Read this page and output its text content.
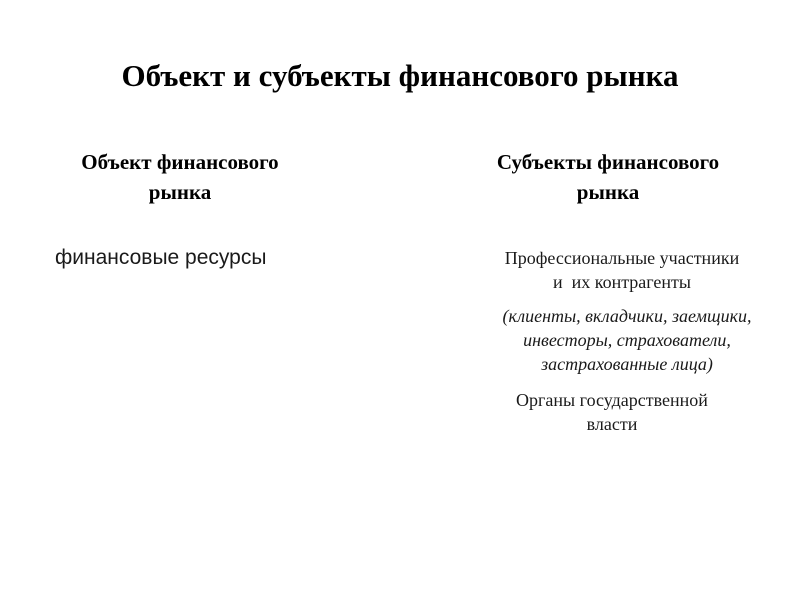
Объект и субъекты финансового рынка
Объект финансового
рынка
финансовые ресурсы
Субъекты финансового
рынка
Профессиональные участники
и  их контрагенты
(клиенты, вкладчики, заемщики,
инвесторы, страхователи,
застрахованные лица)
Органы государственной
власти
